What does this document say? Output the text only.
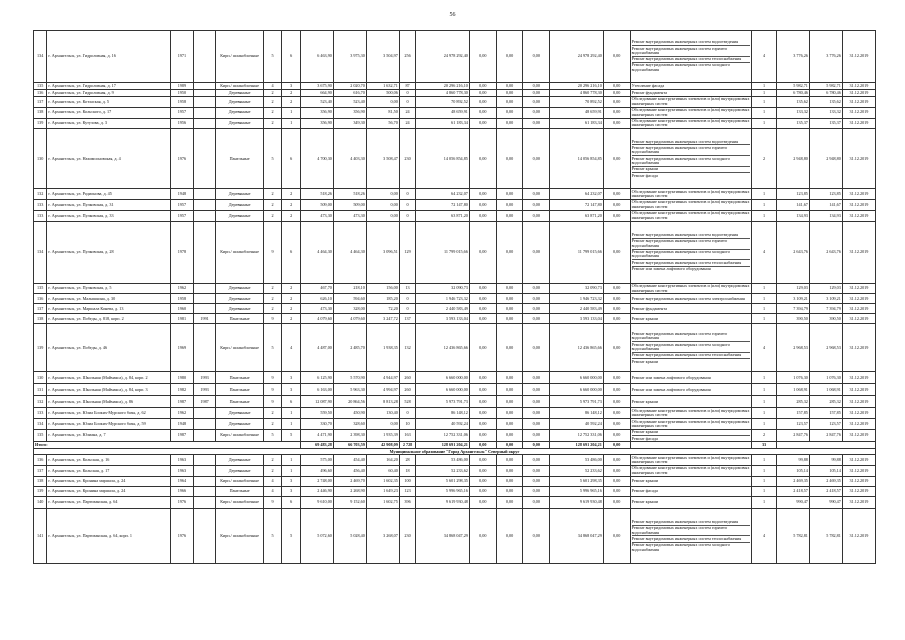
56
134	г. Архангельск, ул. Гидролизная, д. 16	1971		Кирп./ шлакоблочные	5	6	6 463,90	3 975,30	3 504,97	256	24 978 292,40	0,00	0,00	0,00	24 978 292,40	0,00	Ремонт внутридомовых инженерных систем водоотведения
Ремонт внутридомовых инженерных систем горячего водоснабжения
Ремонт внутридомовых инженерных систем теплоснабжения
Ремонт внутридомовых инженерных систем холодного водоснабжения	4	3 776,26	3 776,26	31.12.2019
135	г. Архангельск, ул. Гидролизная, д. 17	1989		Кирп./ шлакоблочные	4	3	3 675,90	2 020,70	1 632,71	87	20 296 216,10	0,00	0,00	0,00	20 296 216,10	0,00	Утепление фасада	1	5 982,71	5 982,71	31.12.2019
136	г. Архангельск, ул. Гидролизная, д. 9	1950		Деревянные	2	2	664,90	616,70	500,06	0	4 860 778,30	0,00	0,00	0,00	4 860 778,30	0,00	Ремонт фундамента	1	6 780,46	6 780,46	31.12.2019
137	г. Архангельск, ул. Котлаская, д. 5	1958		Деревянные	2	2	523,40	523,40	0,00	0	70 892,52	0,00	0,00	0,00	70 892,52	0,00	Обследование конструктивных элементов и (или) внутридомовых инженерных систем	1	135,62	135,62	31.12.2019
138	г. Архангельск, ул. Кольского, д. 17	1957		Деревянные	2	1	356,90	356,90	81,50	24	48 659,91	0,00	0,00	0,00	48 659,91	0,00	Обследование конструктивных элементов и (или) внутридомовых инженерных систем	1	133,32	133,32	31.12.2019
139	г. Архангельск, ул. Кутузова, д. 3	1956		Деревянные	2	1	356,90	349,30	56,70	24	61 183,34	0,00	0,00	0,00	61 183,34	0,00	Обследование конструктивных элементов и (или) внутридомовых инженерных систем	1	135,37	135,37	31.12.2019
130	г. Архангельск, ул. Нахимсоновская, д. 4	1976		Панельные	5	6	4 700,30	4 403,30	3 508,47	230	14 056 854,85	0,00	0,00	0,00	14 056 854,85	0,00	Ремонт внутридомовых инженерных систем водоотведения
Ремонт внутридомовых инженерных систем горячего водоснабжения
Ремонт внутридомовых инженерных систем холодного водоснабжения
Ремонт крыши
Ремонт фасада	2	2 948,80	2 948,80	31.12.2019
132	г. Архангельск, ул. Родионова, д. 45	1948		Деревянные	2	2	518,26	518,26	0,00	0	64 232,07	0,00	0,00	0,00	64 232,07	0,00	Обследование конструктивных элементов и (или) внутридомовых инженерных систем	1	123,85	123,85	31.12.2019
133	г. Архангельск, ул. Пулковская, д. 31	1957		Деревянные	2	2	509,00	509,00	0,00	0	72 147,80	0,00	0,00	0,00	72 147,80	0,00	Обследование конструктивных элементов и (или) внутридомовых инженерных систем	1	141,67	141,67	31.12.2019
133	г. Архангельск, ул. Пулковская, д. 33	1957		Деревянные	2	2	473,30	473,30	0,00	0	63 871,20	0,00	0,00	0,00	63 871,20	0,00	Обследование конструктивных элементов и (или) внутридомовых инженерных систем	1	134,93	134,93	31.12.2019
134	г. Архангельск, ул. Пулковская, д. 28	1978		Кирп./ шлакоблочные	9	6	4 464,30	4 464,30	3 096,51	129	11 799 015,66	0,00	0,00	0,00	11 799 015,66	0,00	Ремонт внутридомовых инженерных систем водоотведения
Ремонт внутридомовых инженерных систем горячего водоснабжения
Ремонт внутридомовых инженерных систем холодного водоснабжения
Ремонт внутридомовых инженерных систем теплоснабжения
Ремонт или замена лифтового оборудования	4	2 643,76	2 643,76	31.12.2019
135	г. Архангельск, ул. Пулковская, д. 5	1962		Деревянные	2	2	467,70	218,10	156,00	13	32 090,73	0,00	0,00	0,00	32 090,73	0,00	Обследование конструктивных элементов и (или) внутридомовых инженерных систем	1	129,03	129,03	31.12.2019
136	г. Архангельск, ул. Малышкина, д. 30	1958		Деревянные	2	2	626,10	594,60	185,20	0	1 946 723,32	0,00	0,00	0,00	1 946 723,32	0,00	Ремонт внутридомовых инженерных систем электроснабжения	1	3 109,21	3 109,21	31.12.2019
137	г. Архангельск, ул. Маршала Конева, д. 13	1960		Деревянные	2	2	473,30	328,00	72,20	0	2 440 583,49	0,00	0,00	0,00	2 440 583,49	0,00	Ремонт фундамента	1	7 394,79	7 394,79	31.12.2019
138	г. Архангельск, ул. Победы, д. 818, корп. 2	1981	1991	Панельные	9	2	4 079,60	4 079,60	3 247,72	137	3 593 133,04	0,00	0,00	0,00	3 593 133,04	0,00	Ремонт крыши	1	390,50	390,50	31.12.2019
139	г. Архангельск, ул. Победы, д. 46	1969		Кирп./ шлакоблочные	5	4	4 487,00	2 485,70	1 938,35	132	12 436 865,66	0,00	0,00	0,00	12 436 865,66	0,00	Ремонт внутридомовых инженерных систем горячего водоснабжения
Ремонт внутридомовых инженерных систем холодного водоснабжения
Ремонт внутридомовых инженерных систем теплоснабжения
Ремонт крыши	4	2 968,53	2 968,53	31.12.2019
130	г. Архангельск, ул. Школьная (Маймакса), д. 84, корп. 2	1980	1993	Панельные	9	3	6 125,90	5 570,90	4 944,97	260	6 660 000,00	0,00	0,00	0,00	6 660 000,00	0,00	Ремонт или замена лифтового оборудования	1	1 076,30	1 076,30	31.12.2019
131	г. Архангельск, ул. Школьная (Маймакса), д. 84, корп. 3	1982	1993	Панельные	9	3	6 163,00	5 963,30	4 994,97	260	6 660 000,00	0,00	0,00	0,00	6 660 000,00	0,00	Ремонт или замена лифтового оборудования	1	1 068,91	1 068,91	31.12.2019
132	г. Архангельск, ул. Школьная (Маймакса), д. 86	1987	1987	Панельные	9	6	12 087,90	20 864,56	8 813,28	528	5 973 791,73	0,00	0,00	0,00	5 973 791,73	0,00	Ремонт крыши	1	285,32	285,32	31.12.2019
133	г. Архангельск, ул. Юлиа Бооких-Мурского базы, д. 62	1962		Деревянные	2	1	559,50	450,90	130,40	0	86 148,12	0,00	0,00	0,00	86 148,12	0,00	Обследование конструктивных элементов и (или) внутридомовых инженерных систем	1	157,85	157,85	31.12.2019
134	г. Архангельск, ул. Юлиа Бооких-Мурского базы, д. 59	1948		Деревянные	2	1	330,70	328,60	0,00	10	40 592,24	0,00	0,00	0,00	40 592,24	0,00	Обследование конструктивных элементов и (или) внутридомовых инженерных систем	1	123,57	123,57	31.12.2019
135	г. Архангельск, ул. Юлиана, д. 7	1987		Кирп./ шлакоблочные	5	5	4 471,90	2 398,30	1 935,39	163	12 752 331,06	0,00	0,00	0,00	12 752 331,06	0,00	Ремонт крыши
Ремонт фасада	2	2 847,76	2 847,76	31.12.2019
Итого:							69 483,28	66 703,59	42 908,09	2 728	128 691 204,21	0,00	0,00	0,00	128 691 204,21	0,00		33			
Муниципальное образование "Город Архангельск" Северный округ																					
136	г. Архангельск, ул. Кольская, д. 16	1963		Деревянные	2	1	575,00	454,40	164,20	28	53 486,00	0,00	0,00	0,00	53 486,00	0,00	Обследование конструктивных элементов и (или) внутридомовых инженерных систем	1	99,88	99,88	31.12.2019
137	г. Архангельск, ул. Кольская, д. 17	1963		Деревянные	2	1	496,60	456,40	60,40	18	52 233,62	0,00	0,00	0,00	52 233,62	0,00	Обследование конструктивных элементов и (или) внутридомовых инженерных систем	1	105,14	105,14	31.12.2019
138	г. Архангельск, ул. Кронина маршала, д. 24	1964		Кирп./ шлакоблочные	4	3	2 748,00	2 469,70	1 602,35	100	5 601 298,35	0,00	0,00	0,00	5 601 298,35	0,00	Ремонт крыши	1	2 469,35	2 469,35	31.12.2019
139	г. Архангельск, ул. Кронина маршала, д. 24	1966		Панельные	4	3	2 446,90	2 268,90	1 649,23	123	5 996 965,16	0,00	0,00	0,00	5 996 965,16	0,00	Ремонт фасада	1	2 418,57	2 418,57	31.12.2019
140	г. Архангельск, ул. Партизанская, д. 64	1976		Кирп./ шлакоблочные	9	6	9 610,00	9 152,60	1 602,75	396	9 619 930,48	0,00	0,00	0,00	9 619 930,48	0,00	Ремонт крыши	1	990,47	990,47	31.12.2019
141	г. Архангельск, ул. Партизанская, д. 64, корп. 1	1976		Кирп./ шлакоблочные	5	5	5 072,60	5 028,40	3 268,07	230	34 868 047,29	0,00	0,00	0,00	34 868 047,29	0,00	Ремонт внутридомовых инженерных систем водоотведения
Ремонт внутридомовых инженерных систем горячего водоснабжения
Ремонт внутридомовых инженерных систем теплоснабжения
Ремонт внутридомовых инженерных систем холодного водоснабжения	4	5 782,81	5 782,81	31.12.2019
